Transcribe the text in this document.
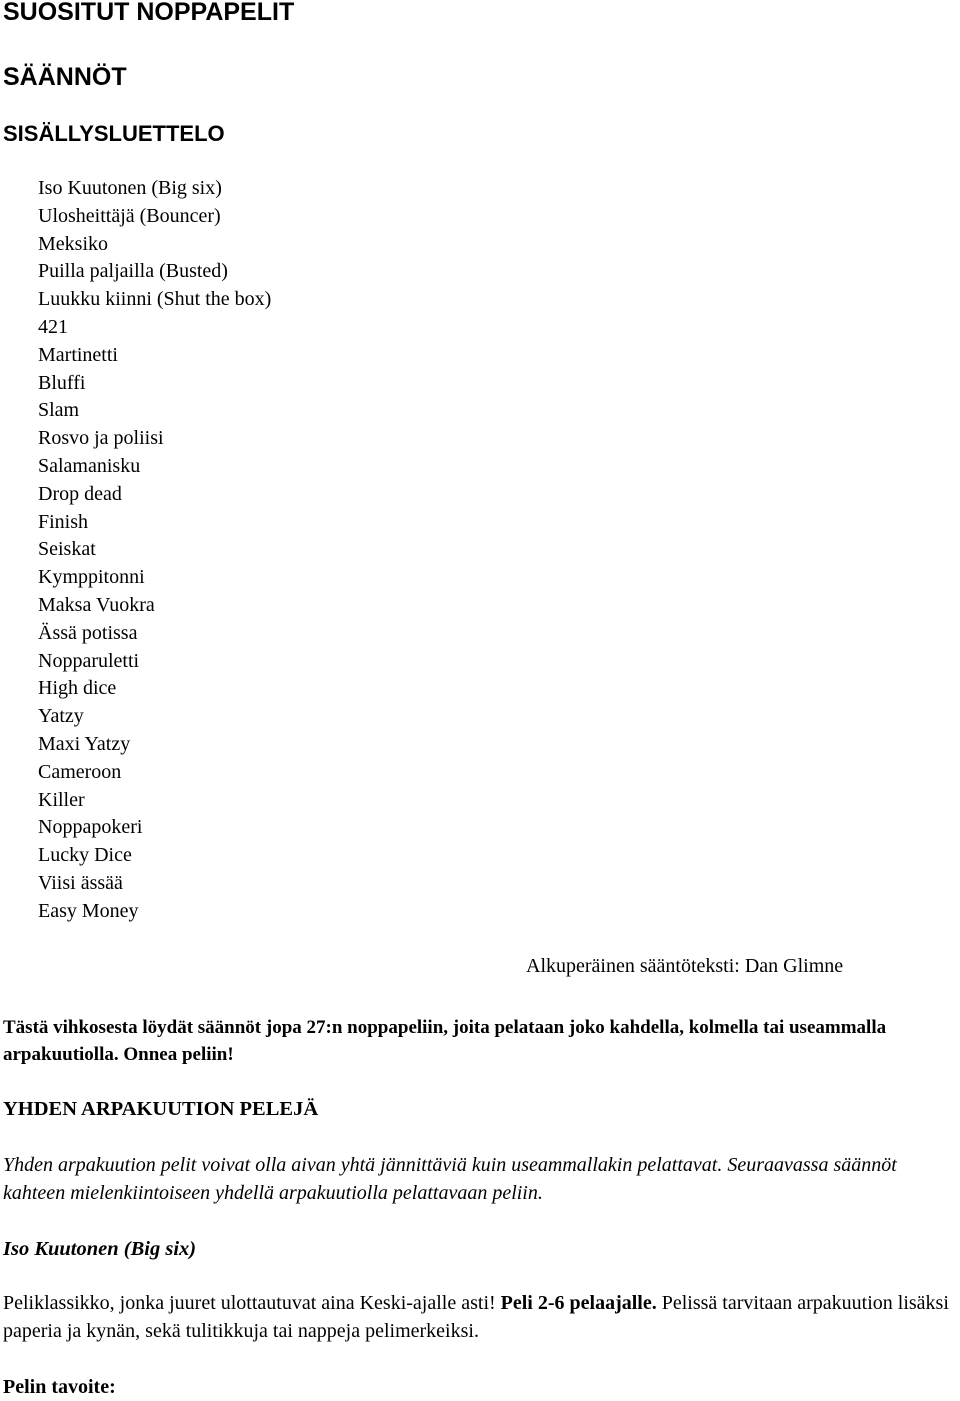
SUOSITUT NOPPAPELIT
SÄÄNNÖT
SISÄLLYSLUETTELO
Iso Kuutonen (Big six)
Ulosheittäjä (Bouncer)
Meksiko
Puilla paljailla (Busted)
Luukku kiinni (Shut the box)
421
Martinetti
Bluffi
Slam
Rosvo ja poliisi
Salamanisku
Drop dead
Finish
Seiskat
Kymppitonni
Maksa Vuokra
Ässä potissa
Nopparuletti
High dice
Yatzy
Maxi Yatzy
Cameroon
Killer
Noppapokeri
Lucky Dice
Viisi ässää
Easy Money
Alkuperäinen sääntöteksti: Dan Glimne
Tästä vihkosesta löydät säännöt jopa 27:n noppapeliin, joita pelataan joko kahdella, kolmella tai useammalla arpakuutiolla. Onnea peliin!
YHDEN ARPAKUUTION PELEJÄ
Yhden arpakuution pelit voivat olla aivan yhtä jännittäviä kuin useammallakin pelattavat. Seuraavassa säännöt kahteen mielenkiintoiseen yhdellä arpakuutiolla pelattavaan peliin.
Iso Kuutonen (Big six)
Peliklassikko, jonka juuret ulottautuvat aina Keski-ajalle asti! Peli 2-6 pelaajalle. Pelissä tarvitaan arpakuution lisäksi paperia ja kynän, sekä tulitikkuja tai nappeja pelimerkeiksi.
Pelin tavoite:
